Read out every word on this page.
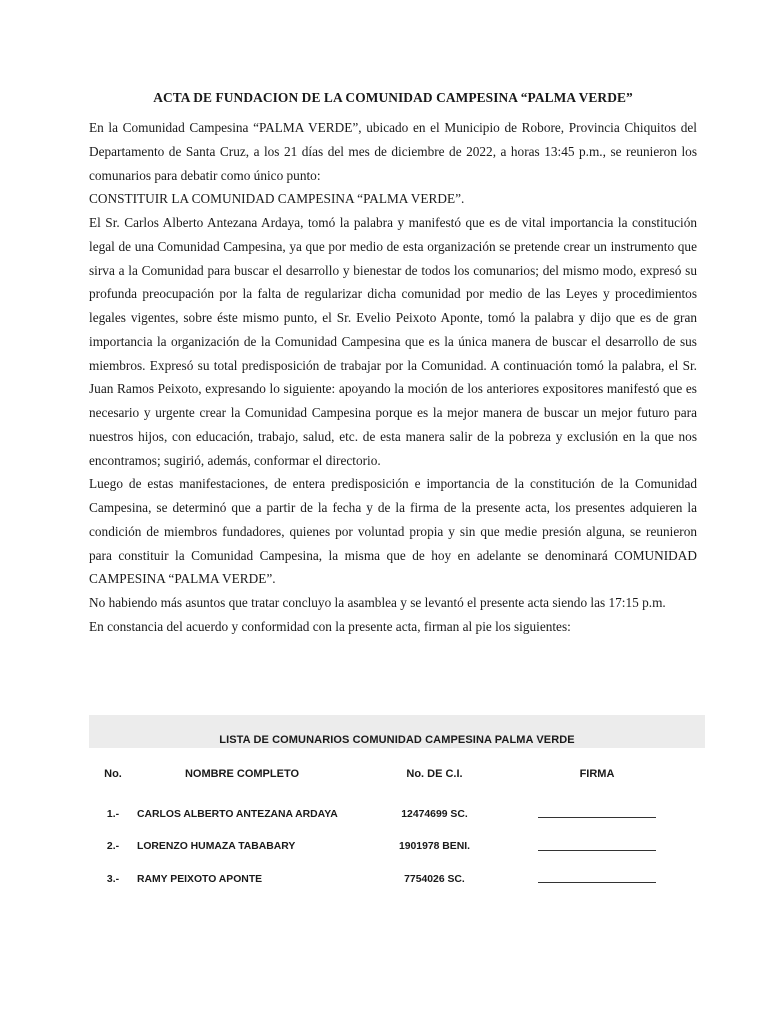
ACTA DE FUNDACION DE LA COMUNIDAD CAMPESINA “PALMA VERDE”

En la Comunidad Campesina “PALMA VERDE”, ubicado en el Municipio de Robore, Provincia Chiquitos del Departamento de Santa Cruz, a los 21 días del mes de diciembre de 2022, a horas 13:45 p.m., se reunieron los comunarios para debatir como único punto:

CONSTITUIR LA COMUNIDAD CAMPESINA “PALMA VERDE”.

El Sr. Carlos Alberto Antezana Ardaya, tomó la palabra y manifestó que es de vital importancia la constitución legal de una Comunidad Campesina, ya que por medio de esta organización se pretende crear un instrumento que sirva a la Comunidad para buscar el desarrollo y bienestar de todos los comunarios; del mismo modo, expresó su profunda preocupación por la falta de regularizar dicha comunidad por medio de las Leyes y procedimientos legales vigentes, sobre éste mismo punto, el Sr. Evelio Peixoto Aponte, tomó la palabra y dijo que es de gran importancia la organización de la Comunidad Campesina que es la única manera de buscar el desarrollo de sus miembros. Expresó su total predisposición de trabajar por la Comunidad. A continuación tomó la palabra, el Sr. Juan Ramos Peixoto, expresando lo siguiente: apoyando la moción de los anteriores expositores manifestó que es necesario y urgente crear la Comunidad Campesina porque es la mejor manera de buscar un mejor futuro para nuestros hijos, con educación, trabajo, salud, etc. de esta manera salir de la pobreza y exclusión en la que nos encontramos; sugirió, además, conformar el directorio.

Luego de estas manifestaciones, de entera predisposición e importancia de la constitución de la Comunidad Campesina, se determinó que a partir de la fecha y de la firma de la presente acta, los presentes adquieren la condición de miembros fundadores, quienes por voluntad propia y sin que medie presión alguna, se reunieron para constituir la Comunidad Campesina, la misma que de hoy en adelante se denominará COMUNIDAD CAMPESINA “PALMA VERDE”.

No habiendo más asuntos que tratar concluyo la asamblea y se levantó el presente acta siendo las 17:15 p.m.

En constancia del acuerdo y conformidad con la presente acta, firman al pie los siguientes:

LISTA DE COMUNARIOS COMUNIDAD CAMPESINA PALMA VERDE
No.	NOMBRE COMPLETO	No. DE C.I.	FIRMA
1.-	CARLOS ALBERTO ANTEZANA ARDAYA	12474699 SC.
2.-	LORENZO HUMAZA TABABARY	1901978 BENI.
3.-	RAMY PEIXOTO APONTE	7754026 SC.
